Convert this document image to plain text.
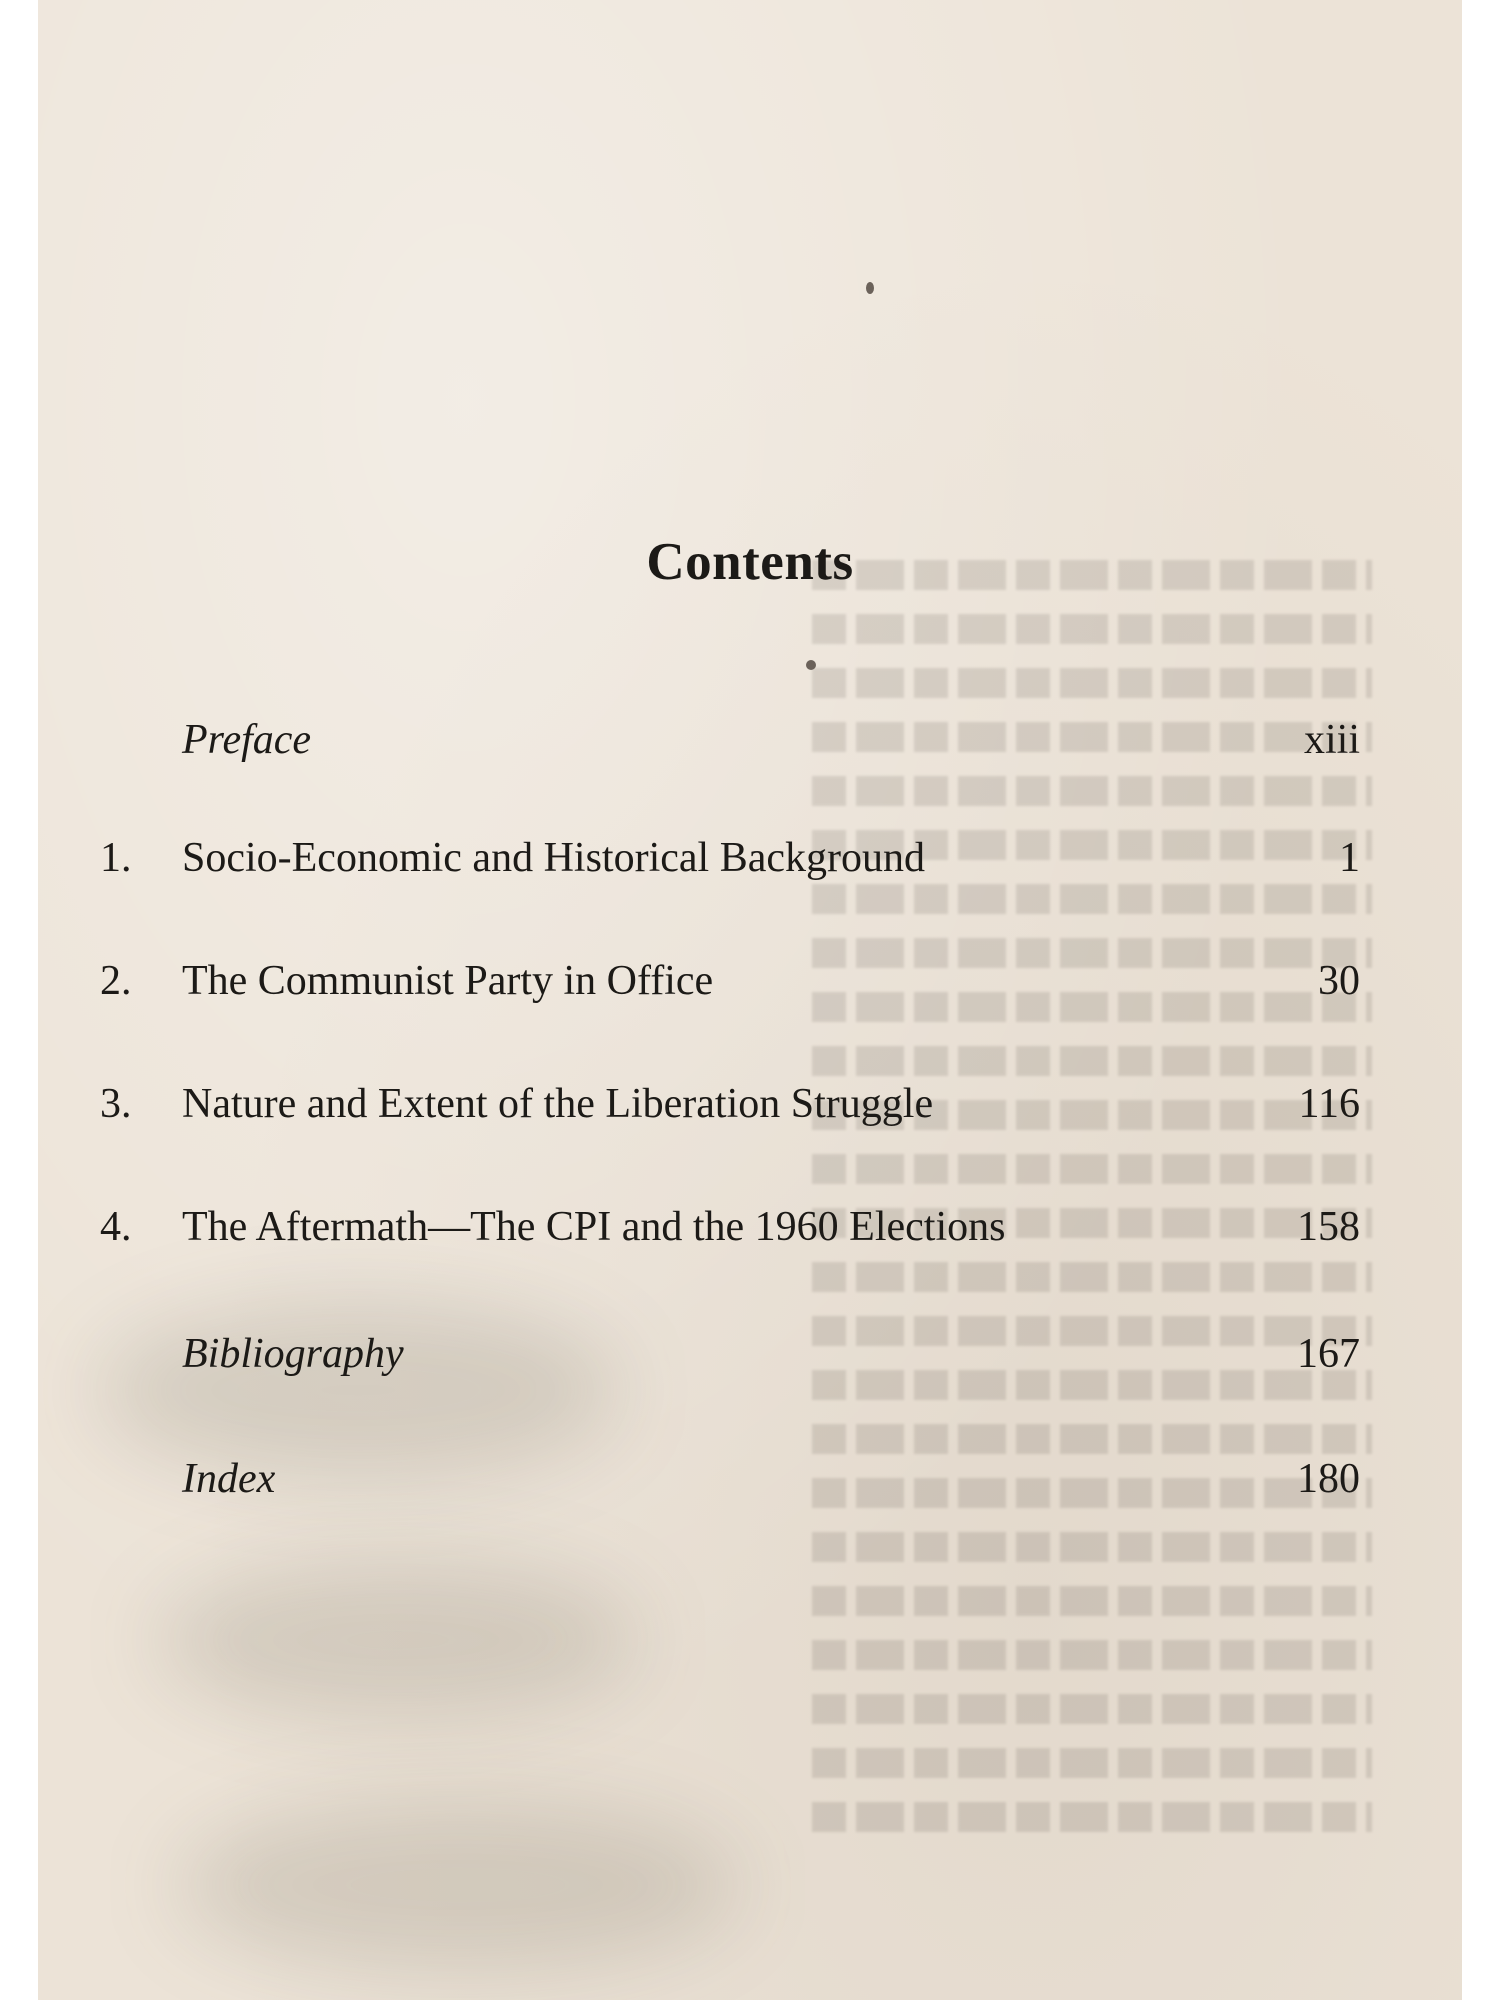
Contents
Preface	xiii
1. Socio-Economic and Historical Background	1
2. The Communist Party in Office	30
3. Nature and Extent of the Liberation Struggle	116
4. The Aftermath—The CPI and the 1960 Elections	158
Bibliography	167
Index	180
